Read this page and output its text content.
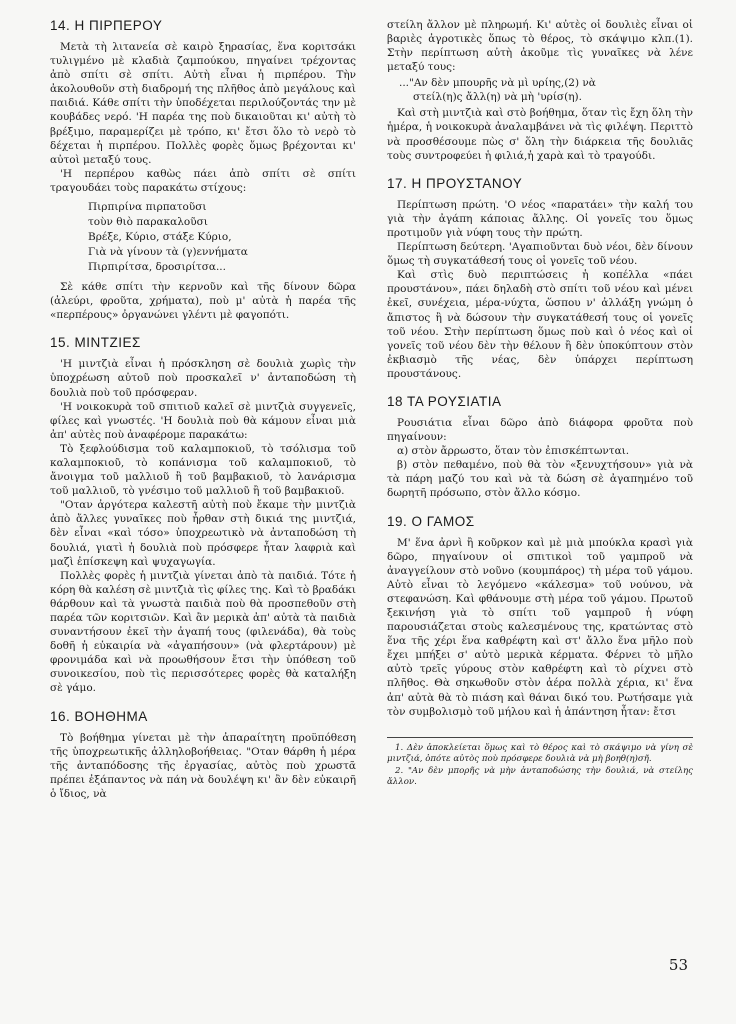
14. Η ΠΙΡΠΕΡΟΥ

Μετὰ τὴ λιτανεία σὲ καιρὸ ξηρασίας, ἕνα κοριτσάκι τυλιγμένο μὲ κλαδιὰ ζαμπούκου, πηγαίνει τρέχοντας ἀπὸ σπίτι σὲ σπίτι. Αὐτὴ εἶναι ἡ πιρπέρου. Τὴν ἀκολουθοῦν στὴ διαδρομή της πλῆθος ἀπὸ μεγάλους καὶ παιδιά. Κάθε σπίτι τὴν ὑποδέχεται περιλούζοντάς την μὲ κουβάδες νερό. 'Η παρέα της ποὺ δικαιοῦται κι' αὐτὴ τὸ βρέξιμο, παραμερίζει μὲ τρόπο, κι' ἔτσι ὅλο τὸ νερὸ τὸ δέχεται ἡ πιρπέρου. Πολλὲς φορὲς ὅμως βρέχονται κι' αὐτοὶ μεταξύ τους.

'Η περπέρου καθὼς πάει ἀπὸ σπίτι σὲ σπίτι τραγουδάει τοὺς παρακάτω στίχους:

Πιρπιρίνα πιρπατοῦσι
τοὺν θιὸ παρακαλοῦσι
Βρέξε, Κύριο, στάξε Κύριο,
Γιὰ νὰ γίνουν τὰ (γ)εννήματα
Πιρπιρίτσα, δροσιρίτσα...

Σὲ κάθε σπίτι τὴν κερνοῦν καὶ τῆς δίνουν δῶρα (ἀλεύρι, φροῦτα, χρήματα), ποὺ μ' αὐτὰ ἡ παρέα τῆς «περπέρους» ὀργανώνει γλέντι μὲ φαγοπότι.

15. ΜΙΝΤΖΙΕΣ

'Η μιντζιὰ εἶναι ἡ πρόσκληση σὲ δουλιὰ χωρὶς τὴν ὑποχρέωση αὐτοῦ ποὺ προσκαλεῖ ν' ἀνταποδώση τὴ δουλιὰ ποὺ τοῦ πρόσφεραν.

'Η νοικοκυρὰ τοῦ σπιτιοῦ καλεῖ σὲ μιντζιὰ συγγενεῖς, φίλες καὶ γνωστές. 'Η δουλιὰ ποὺ θὰ κάμουν εἶναι μιὰ ἀπ' αὐτὲς ποὺ ἀναφέρομε παρακάτω:

Τὸ ξεφλούδισμα τοῦ καλαμποκιοῦ, τὸ τσόλισμα τοῦ καλαμποκιοῦ, τὸ κοπάνισμα τοῦ καλαμποκιοῦ, τὸ ἄνοιγμα τοῦ μαλλιοῦ ἢ τοῦ βαμβακιοῦ, τὸ λανάρισμα τοῦ μαλλιοῦ, τὸ γνέσιμο τοῦ μαλλιοῦ ἢ τοῦ βαμβακιοῦ.

"Οταν ἀργότερα καλεστῆ αὐτὴ ποὺ ἔκαμε τὴν μιντζιὰ ἀπὸ ἄλλες γυναῖκες ποὺ ἦρθαν στὴ δικιά της μιντζιά, δὲν εἶναι «καὶ τόσο» ὑποχρεωτικὸ νὰ ἀνταποδώση τὴ δουλιά, γιατὶ ἡ δουλιὰ ποὺ πρόσφερε ἦταν λαφριὰ καὶ μαζὶ ἐπίσκεψη καὶ ψυχαγωγία.

Πολλὲς φορὲς ἡ μιντζιὰ γίνεται ἀπὸ τὰ παιδιά. Τότε ἡ κόρη θὰ καλέση σὲ μιντζιὰ τὶς φίλες της. Καὶ τὸ βραδάκι θάρθουν καὶ τὰ γνωστὰ παιδιὰ ποὺ θὰ προσπεθοῦν στὴ παρέα τῶν κοριτσιῶν. Καὶ ἂν μερικὰ ἀπ' αὐτὰ τὰ παιδιὰ συναντήσουν ἐκεῖ τὴν ἀγαπή τους (φιλενάδα), θὰ τοὺς δοθῆ ἡ εὐκαιρία νὰ «ἀγαπήσουν» (νὰ φλερτάρουν) μὲ φρονιμάδα καὶ νὰ προωθήσουν ἔτσι τὴν ὑπόθεση τοῦ συνοικεσίου, ποὺ τὶς περισσότερες φορὲς θὰ καταλήξη σὲ γάμο.

16. ΒΟΗΘΗΜΑ

Τὸ βοήθημα γίνεται μὲ τὴν ἀπαραίτητη προϋπόθεση τῆς ὑποχρεωτικῆς ἀλληλοβοήθειας. "Οταν θάρθη ἡ μέρα τῆς ἀνταπόδοσης τῆς ἐργασίας, αὐτὸς ποὺ χρωστᾶ πρέπει ἐξάπαντος νὰ πάη νὰ δουλέψη κι' ἂν δὲν εὐκαιρῆ ὁ ἴδιος, νὰ

στείλη ἄλλον μὲ πληρωμή. Κι' αὐτὲς οἱ δουλιὲς εἶναι οἱ βαριὲς ἀγροτικὲς ὅπως τὸ θέρος, τὸ σκάψιμο κλπ.(1). Στὴν περίπτωση αὐτὴ ἀκοῦμε τὶς γυναῖκες νὰ λένε μεταξύ τους:

..."Αν δὲν μπουρῆς νὰ μὶ υρίης,(2) νὰ
στείλ(η)ς ἄλλ(η) νὰ μὴ 'υρίσ(η).

Καὶ στὴ μιντζιὰ καὶ στὸ βοήθημα, ὅταν τὶς ἔχη ὅλη τὴν ἡμέρα, ἡ νοικοκυρὰ ἀναλαμβάνει νὰ τὶς φιλέψη. Περιττὸ νὰ προσθέσουμε πὼς σ' ὅλη τὴν διάρκεια τῆς δουλιᾶς τοὺς συντροφεύει ἡ φιλιά,ἡ χαρὰ καὶ τὸ τραγούδι.

17. Η ΠΡΟΥΣΤΑΝΟΥ

Περίπτωση πρώτη. 'Ο νέος «παρατάει» τὴν καλή του γιὰ τὴν ἀγάπη κάποιας ἄλλης. Οἱ γονεῖς του ὅμως προτιμοῦν γιὰ νύφη τους τὴν πρώτη.

Περίπτωση δεύτερη. 'Αγαπιοῦνται δυὸ νέοι, δὲν δίνουν ὅμως τὴ συγκατάθεσή τους οἱ γονεῖς τοῦ νέου.

Καὶ στὶς δυὸ περιπτώσεις ἡ κοπέλλα «πάει προυστάνου», πάει δηλαδὴ στὸ σπίτι τοῦ νέου καὶ μένει ἐκεῖ, συνέχεια, μέρα-νύχτα, ὥσπου ν' ἀλλάξη γνώμη ὁ ἄπιστος ἢ νὰ δώσουν τὴν συγκατάθεσή τους οἱ γονεῖς τοῦ νέου. Στὴν περίπτωση ὅμως ποὺ καὶ ὁ νέος καὶ οἱ γονεῖς τοῦ νέου δὲν τὴν θέλουν ἢ δὲν ὑποκύπτουν στὸν ἐκβιασμὸ τῆς νέας, δὲν ὑπάρχει περίπτωση προυστάνους.

18 ΤΑ ΡΟΥΣΙΑΤΙΑ

Ρουσιάτια εἶναι δῶρο ἀπὸ διάφορα φροῦτα ποὺ πηγαίνουν:

α) στὸν ἄρρωστο, ὅταν τὸν ἐπισκέπτωνται.

β) στὸν πεθαμένο, ποὺ θὰ τὸν «ξενυχτήσουν» γιὰ νὰ τὰ πάρη μαζύ του καὶ νὰ τὰ δώση σὲ ἀγαπημένο τοῦ δωρητῆ πρόσωπο, στὸν ἄλλο κόσμο.

19. Ο ΓΑΜΟΣ

Μ' ἕνα ἀρνὶ ἢ κοῦρκον καὶ μὲ μιὰ μπούκλα κρασὶ γιὰ δῶρο, πηγαίνουν οἱ σπιτικοὶ τοῦ γαμπροῦ νὰ ἀναγγείλουν στὸ νοῦνο (κουμπάρος) τὴ μέρα τοῦ γάμου. Αὐτὸ εἶναι τὸ λεγόμενο «κάλεσμα» τοῦ νούνου, νὰ στεφανώση. Καὶ φθάνουμε στὴ μέρα τοῦ γάμου. Πρωτοῦ ξεκινήση γιὰ τὸ σπίτι τοῦ γαμπροῦ ἡ νύφη παρουσιάζεται στοὺς καλεσμένους της, κρατώντας στὸ ἕνα τῆς χέρι ἕνα καθρέφτη καὶ στ' ἄλλο ἕνα μῆλο ποὺ ἔχει μπήξει σ' αὐτὸ μερικὰ κέρματα. Φέρνει τὸ μῆλο αὐτὸ τρεῖς γύρους στὸν καθρέφτη καὶ τὸ ρίχνει στὸ πλῆθος. Θὰ σηκωθοῦν στὸν ἀέρα πολλὰ χέρια, κι' ἕνα ἀπ' αὐτὰ θὰ τὸ πιάση καὶ θάναι δικό του. Ρωτήσαμε γιὰ τὸν συμβολισμὸ τοῦ μήλου καὶ ἡ ἀπάντηση ἦταν: ἔτσι

1. Δὲν ἀποκλείεται ὅμως καὶ τὸ θέρος καὶ τὸ σκάψιμο νὰ γίνη σὲ μιντζιά, ὁπότε αὐτὸς ποὺ πρόσφερε δουλιὰ νὰ μὴ βοηθ(η)σῆ.

2. "Αν δὲν μπορῆς νὰ μὴν ἀνταποδώσης τὴν δουλιά, νὰ στείλης ἄλλον.

53
